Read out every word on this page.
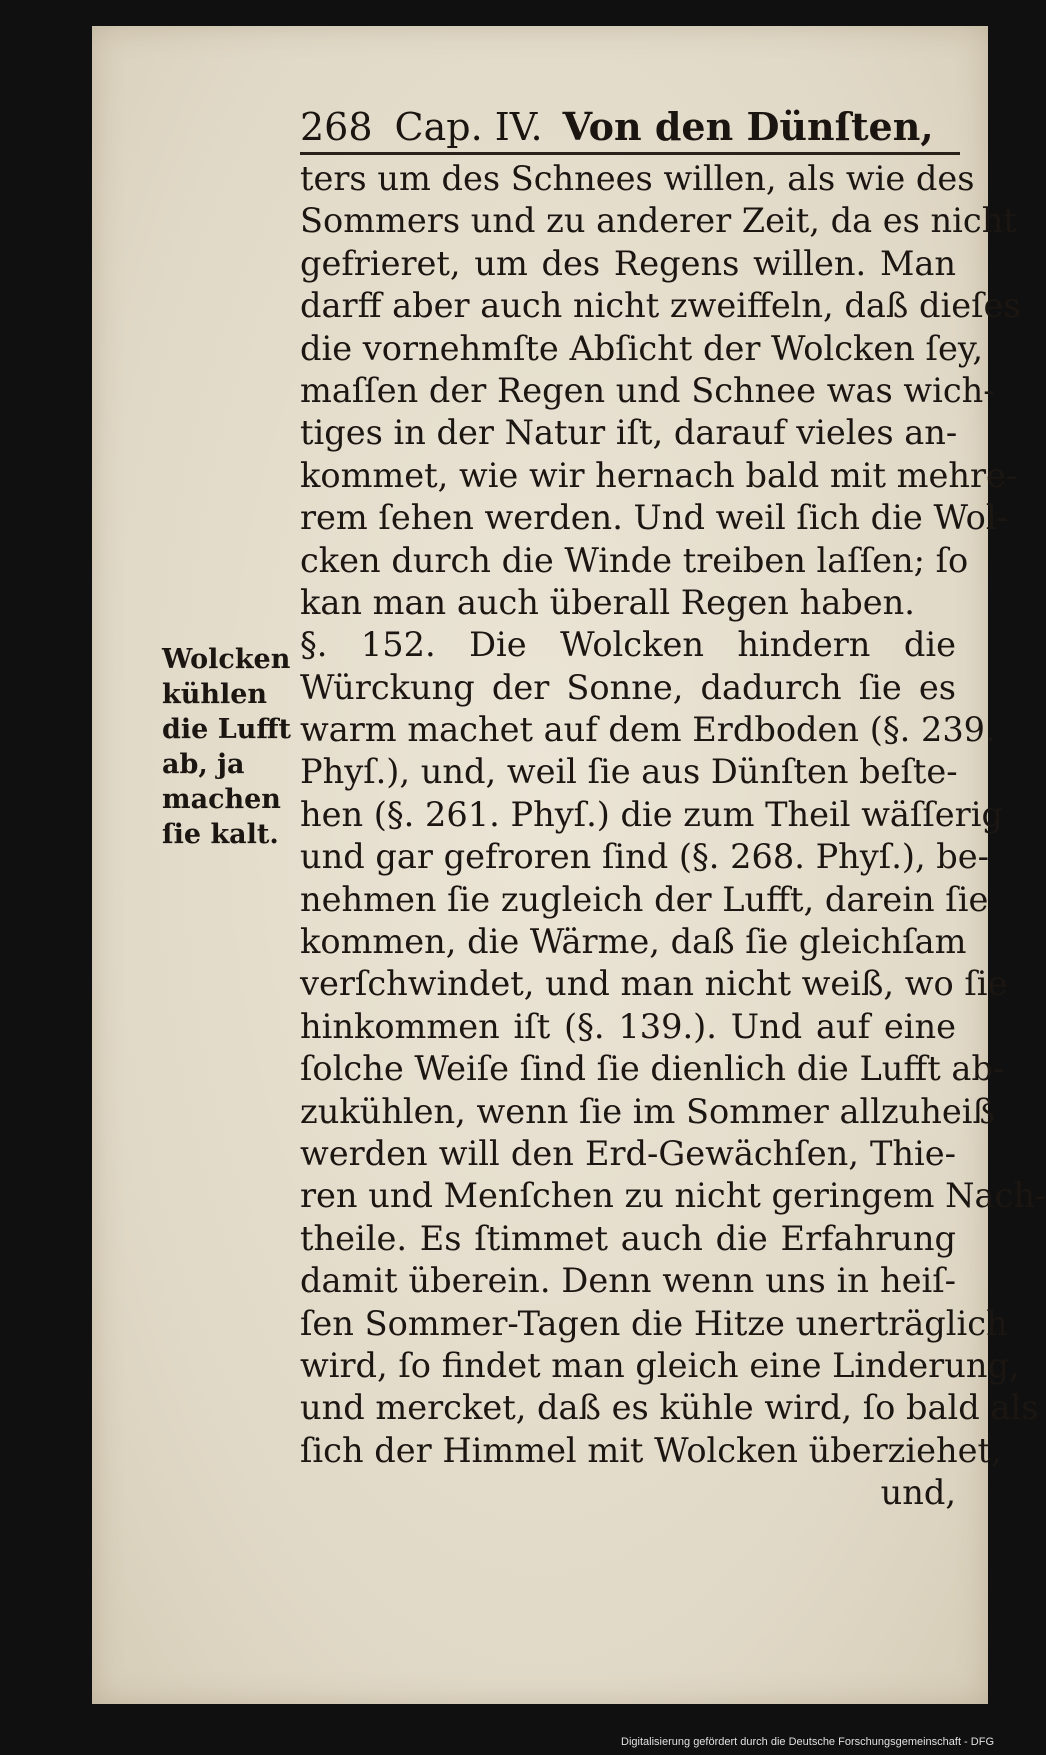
268 Cap. IV. Von den Dünſten,
ters um des Schnees willen, als wie des
Sommers und zu anderer Zeit, da es nicht
gefrieret, um des Regens willen. Man
darff aber auch nicht zweiffeln, daß dieſes
die vornehmſte Abſicht der Wolcken ſey,
maſſen der Regen und Schnee was wich-
tiges in der Natur iſt, darauf vieles an-
kommet, wie wir hernach bald mit mehre-
rem ſehen werden. Und weil ſich die Wol-
cken durch die Winde treiben laſſen; ſo
kan man auch überall Regen haben.
§. 152. Die Wolcken hindern die
Würckung der Sonne, dadurch ſie es
warm machet auf dem Erdboden (§. 239.
Phyſ.), und, weil ſie aus Dünſten beſte-
hen (§. 261. Phyſ.) die zum Theil wäſſerig
und gar gefroren ſind (§. 268. Phyſ.), be-
nehmen ſie zugleich der Lufft, darein ſie
kommen, die Wärme, daß ſie gleichſam
verſchwindet, und man nicht weiß, wo ſie
hinkommen iſt (§. 139.). Und auf eine
ſolche Weiſe ſind ſie dienlich die Lufft ab-
zukühlen, wenn ſie im Sommer allzuheiß
werden will den Erd-Gewächſen, Thie-
ren und Menſchen zu nicht geringem Nach-
theile. Es ſtimmet auch die Erfahrung
damit überein. Denn wenn uns in heiſ-
ſen Sommer-Tagen die Hitze unerträglich
wird, ſo findet man gleich eine Linderung,
und mercket, daß es kühle wird, ſo bald als
ſich der Himmel mit Wolcken überziehet,
und,
Wolcken
kühlen
die Lufft
ab, ja
machen
ſie kalt.
Digitalisierung gefördert durch die Deutsche Forschungsgemeinschaft - DFG
